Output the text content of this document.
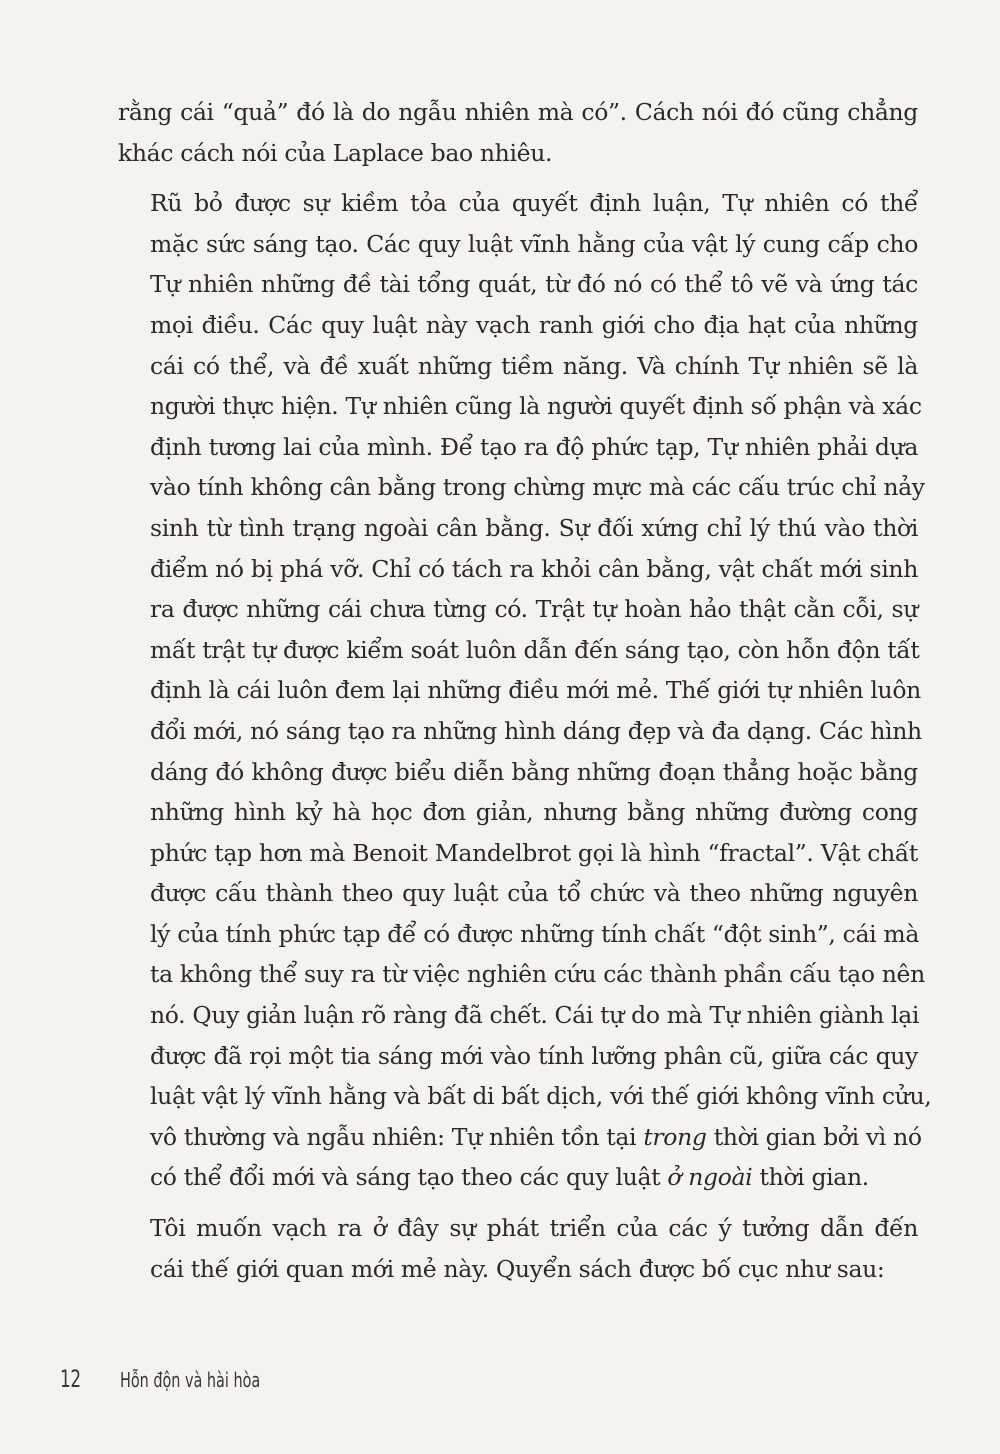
rằng cái “quả” đó là do ngẫu nhiên mà có”. Cách nói đó cũng chẳng
khác cách nói của Laplace bao nhiêu.

Rũ bỏ được sự kiềm tỏa của quyết định luận, Tự nhiên có thể
mặc sức sáng tạo. Các quy luật vĩnh hằng của vật lý cung cấp cho
Tự nhiên những đề tài tổng quát, từ đó nó có thể tô vẽ và ứng tác
mọi điều. Các quy luật này vạch ranh giới cho địa hạt của những
cái có thể, và đề xuất những tiềm năng. Và chính Tự nhiên sẽ là
người thực hiện. Tự nhiên cũng là người quyết định số phận và xác
định tương lai của mình. Để tạo ra độ phức tạp, Tự nhiên phải dựa
vào tính không cân bằng trong chừng mực mà các cấu trúc chỉ nảy
sinh từ tình trạng ngoài cân bằng. Sự đối xứng chỉ lý thú vào thời
điểm nó bị phá vỡ. Chỉ có tách ra khỏi cân bằng, vật chất mới sinh
ra được những cái chưa từng có. Trật tự hoàn hảo thật cằn cỗi, sự
mất trật tự được kiểm soát luôn dẫn đến sáng tạo, còn hỗn độn tất
định là cái luôn đem lại những điều mới mẻ. Thế giới tự nhiên luôn
đổi mới, nó sáng tạo ra những hình dáng đẹp và đa dạng. Các hình
dáng đó không được biểu diễn bằng những đoạn thẳng hoặc bằng
những hình kỷ hà học đơn giản, nhưng bằng những đường cong
phức tạp hơn mà Benoit Mandelbrot gọi là hình “fractal”. Vật chất
được cấu thành theo quy luật của tổ chức và theo những nguyên
lý của tính phức tạp để có được những tính chất “đột sinh”, cái mà
ta không thể suy ra từ việc nghiên cứu các thành phần cấu tạo nên
nó. Quy giản luận rõ ràng đã chết. Cái tự do mà Tự nhiên giành lại
được đã rọi một tia sáng mới vào tính lưỡng phân cũ, giữa các quy
luật vật lý vĩnh hằng và bất di bất dịch, với thế giới không vĩnh cửu,
vô thường và ngẫu nhiên: Tự nhiên tồn tại trong thời gian bởi vì nó
có thể đổi mới và sáng tạo theo các quy luật ở ngoài thời gian.

Tôi muốn vạch ra ở đây sự phát triển của các ý tưởng dẫn đến
cái thế giới quan mới mẻ này. Quyển sách được bố cục như sau:

12 Hỗn độn và hài hòa
